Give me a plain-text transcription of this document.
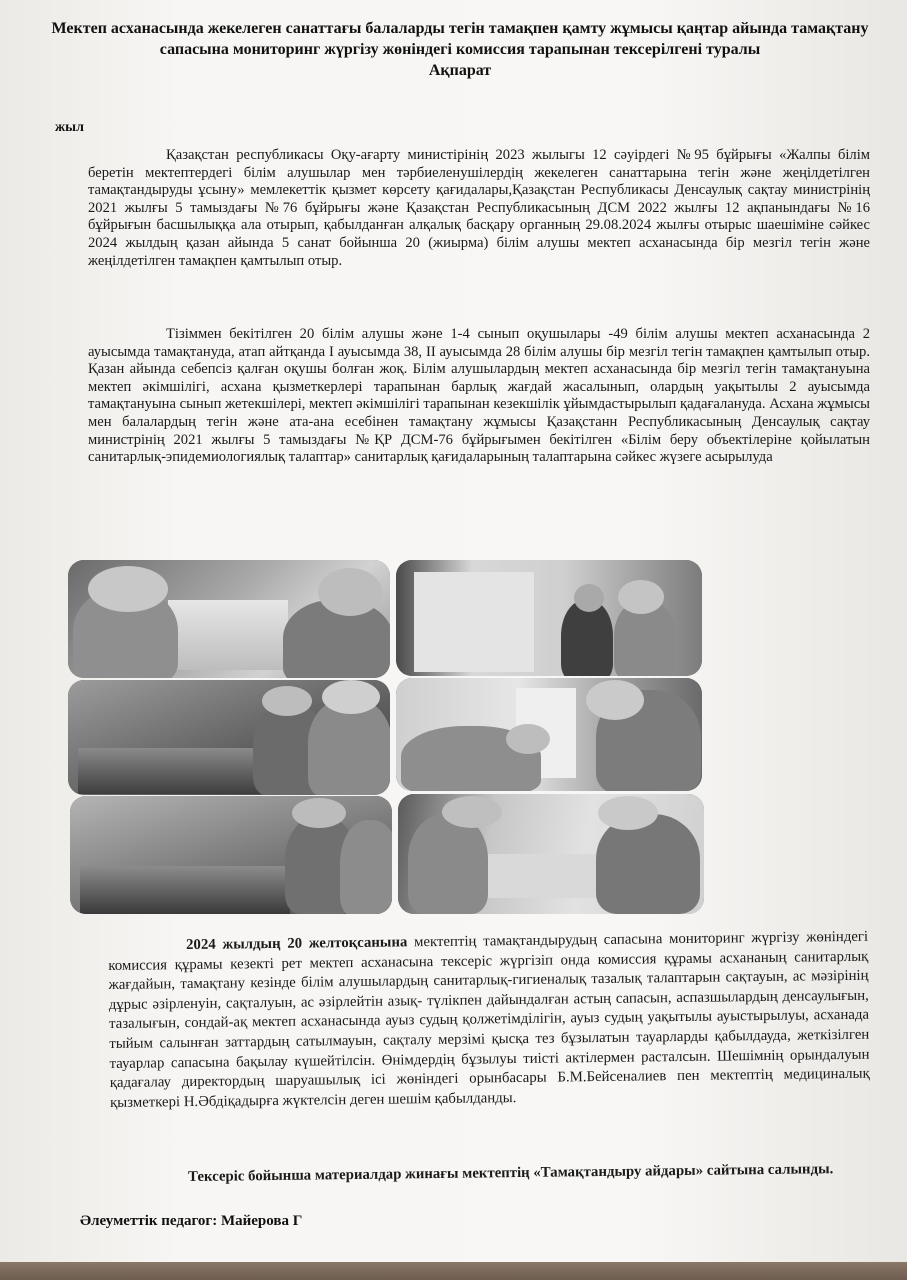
Мектеп асханасында жекелеген санаттағы балаларды тегін тамақпен қамту жұмысы қаңтар айында тамақтану сапасына мониторинг жүргізу жөніндегі комиссия тарапынан тексерілгені туралы
Ақпарат
жыл
Қазақстан республикасы Оқу-ағарту министірінің 2023 жылыгы 12 сәуірдегі №95 бұйрығы «Жалпы білім беретін мектептердегі білім алушылар мен тәрбиеленушілердің жекелеген санаттарына тегін және жеңілдетілген тамақтандыруды ұсыну» мемлекеттік қызмет көрсету қағидалары,Қазақстан Республикасы Денсаулық сақтау министрінің 2021 жылғы 5 тамыздағы №76 бұйрығы және Қазақстан Республикасының ДСМ 2022 жылғы 12 ақпанындағы №16 бұйрығын басшылыққа ала отырып, қабылданған алқалық басқару органның 29.08.2024 жылғы отырыс шаешіміне сәйкес 2024 жылдың қазан айында 5 санат бойынша 20 (жиырма) білім алушы мектеп асханасында бір мезгіл тегін және жеңілдетілген тамақпен қамтылып отыр.
Тізіммен бекітілген 20 білім алушы және 1-4 сынып оқушылары -49 білім алушы мектеп асханасында 2 ауысымда тамақтануда, атап айтқанда I ауысымда 38, II ауысымда 28 білім алушы бір мезгіл тегін тамақпен қамтылып отыр. Қазан айында себепсіз қалған оқушы болған жоқ. Білім алушылардың мектеп асханасында бір мезгіл тегін тамақтануына мектеп әкімшілігі, асхана қызметкерлері тарапынан барлық жағдай жасалынып, олардың уақытылы 2 ауысымда тамақтануына сынып жетекшілері, мектеп әкімшілігі тарапынан кезекшілік ұйымдастырылып қадағалануда. Асхана жұмысы мен балалардың тегін және ата-ана есебінен тамақтану жұмысы Қазақстанн Республикасының Денсаулық сақтау министрінің 2021 жылғы 5 тамыздағы №ҚР ДСМ-76 бұйрығымен бекітілген «Білім беру объектілеріне қойылатын санитарлық-эпидемиологиялық талаптар» санитарлық қағидаларының талаптарына сәйкес жүзеге асырылуда
2024 жылдың 20 желтоқсанына мектептің тамақтандырудың сапасына мониторинг жүргізу жөніндегі комиссия құрамы кезекті рет мектеп асханасына тексеріс жүргізіп онда комиссия құрамы асхананың санитарлық жағдайын, тамақтану кезінде білім алушылардың санитарлық-гигиеналық тазалық талаптарын сақтауын, ас мәзірінің дұрыс әзірленуін, сақталуын, ас әзірлейтін азық- түлікпен дайындалған астың сапасын, аспазшылардың денсаулығын, тазалығын, сондай-ақ мектеп асханасында ауыз судың қолжетімділігін, ауыз судың уақытылы ауыстырылуы, асханада тыйым салынған заттардың сатылмауын, сақталу мерзімі қысқа тез бұзылатын тауарларды қабылдауда, жеткізілген тауарлар сапасына бақылау күшейтілсін. Өнімдердің бұзылуы тиісті актілермен расталсын. Шешімнің орындалуын қадағалау директордың шаруашылық ісі жөніндегі орынбасары Б.М.Бейсеналиев пен мектептің медициналық қызметкері Н.Әбдіқадырға жүктелсін деген шешім қабылданды.
Тексеріс бойынша материалдар жинағы мектептің «Тамақтандыру айдары» сайтына салынды.
Әлеуметтік педагог: Майерова Г
